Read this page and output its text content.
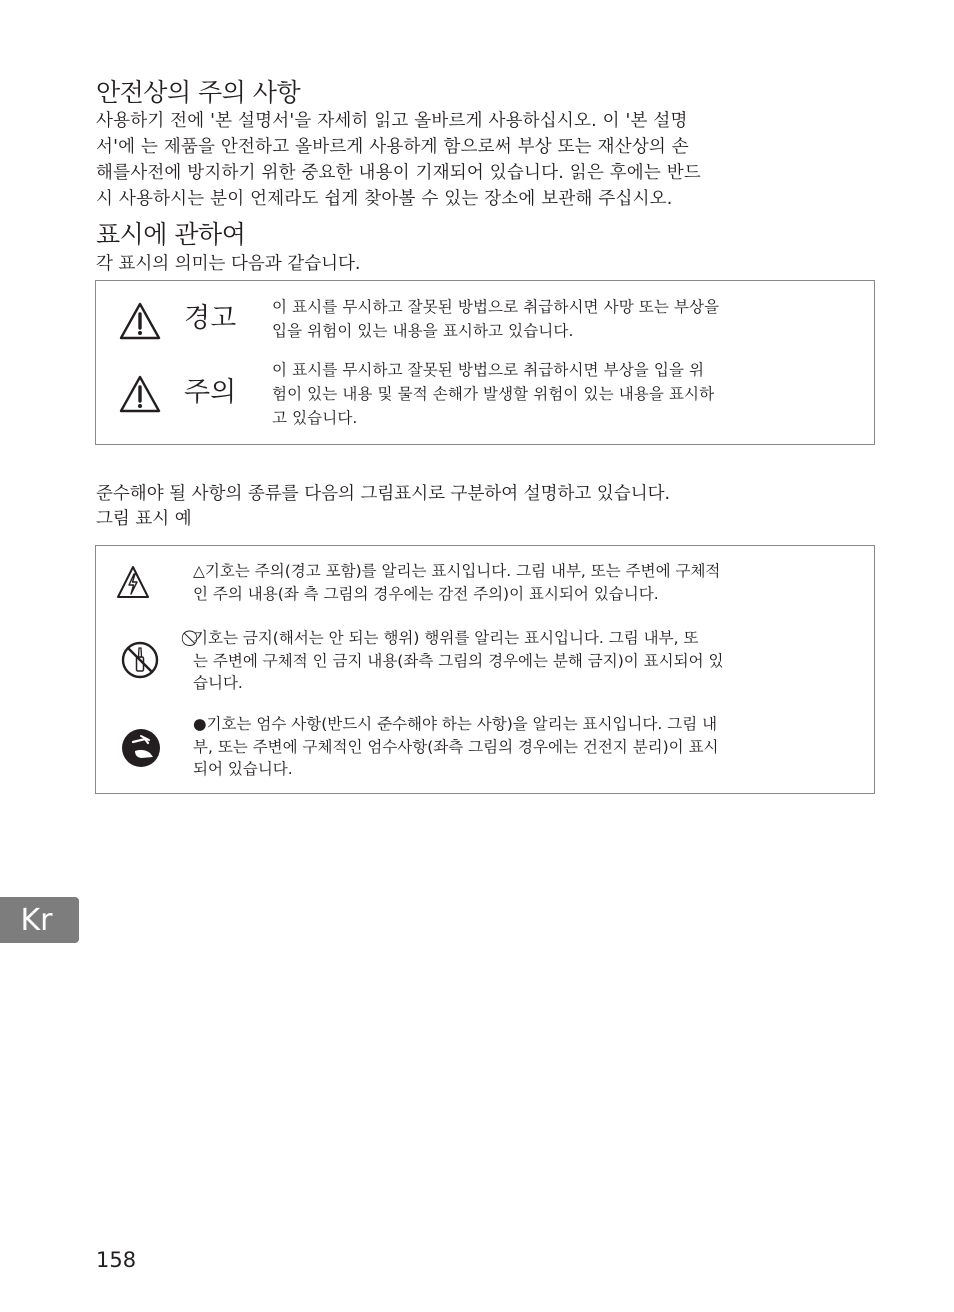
안전상의 주의 사항
사용하기 전에 '본 설명서'을 자세히 읽고 올바르게 사용하십시오. 이 '본 설명
서'에 는 제품을 안전하고 올바르게 사용하게 함으로써 부상 또는 재산상의 손
해를사전에 방지하기 위한 중요한 내용이 기재되어 있습니다. 읽은 후에는 반드
시 사용하시는 분이 언제라도 쉽게 찾아볼 수 있는 장소에 보관해 주십시오.
표시에 관하여
각 표시의 의미는 다음과 같습니다.
경고 이 표시를 무시하고 잘못된 방법으로 취급하시면 사망 또는 부상을
입을 위험이 있는 내용을 표시하고 있습니다.
주의
이 표시를 무시하고 잘못된 방법으로 취급하시면 부상을 입을 위
험이 있는 내용 및 물적 손해가 발생할 위험이 있는 내용을 표시하
고 있습니다.
준수해야 될 사항의 종류를 다음의 그림표시로 구분하여 설명하고 있습니다.
그림 표시 예
△기호는 주의(경고 포함)를 알리는 표시입니다. 그림 내부, 또는 주변에 구체적
인 주의 내용(좌 측 그림의 경우에는 감전 주의)이 표시되어 있습니다.
⃠기호는 금지(해서는 안 되는 행위) 행위를 알리는 표시입니다. 그림 내부, 또
는 주변에 구체적 인 금지 내용(좌측 그림의 경우에는 분해 금지)이 표시되어 있
습니다.
●기호는 엄수 사항(반드시 준수해야 하는 사항)을 알리는 표시입니다. 그림 내
부, 또는 주변에 구체적인 엄수사항(좌측 그림의 경우에는 건전지 분리)이 표시
되어 있습니다.
Kr
158
